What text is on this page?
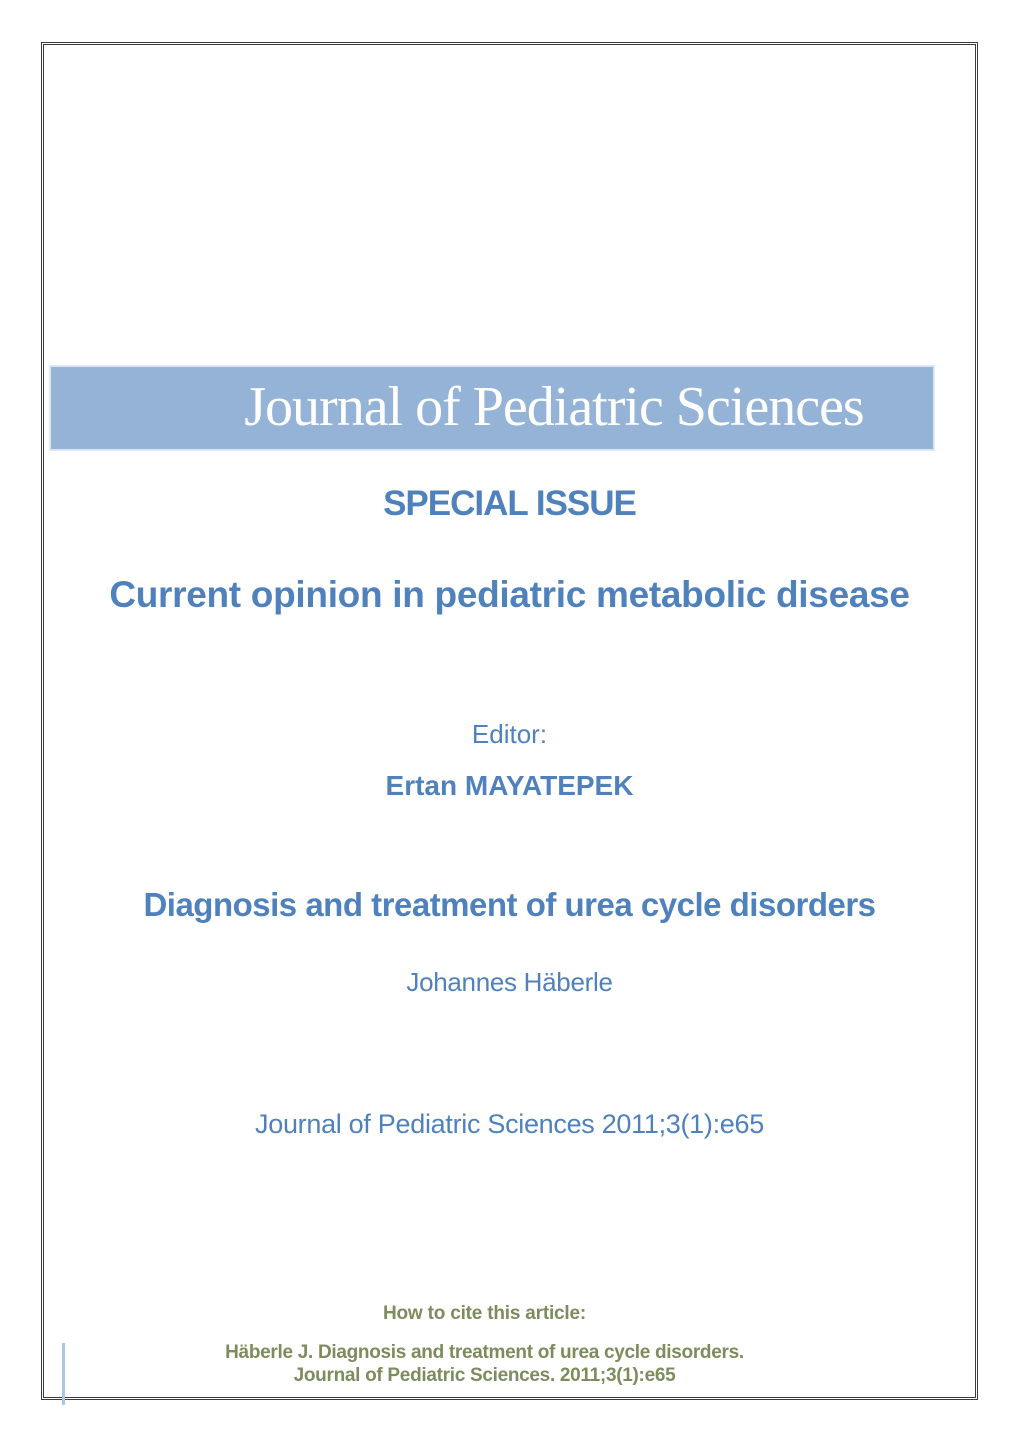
Journal of Pediatric Sciences
SPECIAL ISSUE
Current opinion in pediatric metabolic disease
Editor:
Ertan MAYATEPEK
Diagnosis and treatment of urea cycle disorders
Johannes Häberle
Journal of Pediatric Sciences 2011;3(1):e65
How to cite this article:
Häberle J. Diagnosis and treatment of urea cycle disorders.
Journal of Pediatric Sciences. 2011;3(1):e65
